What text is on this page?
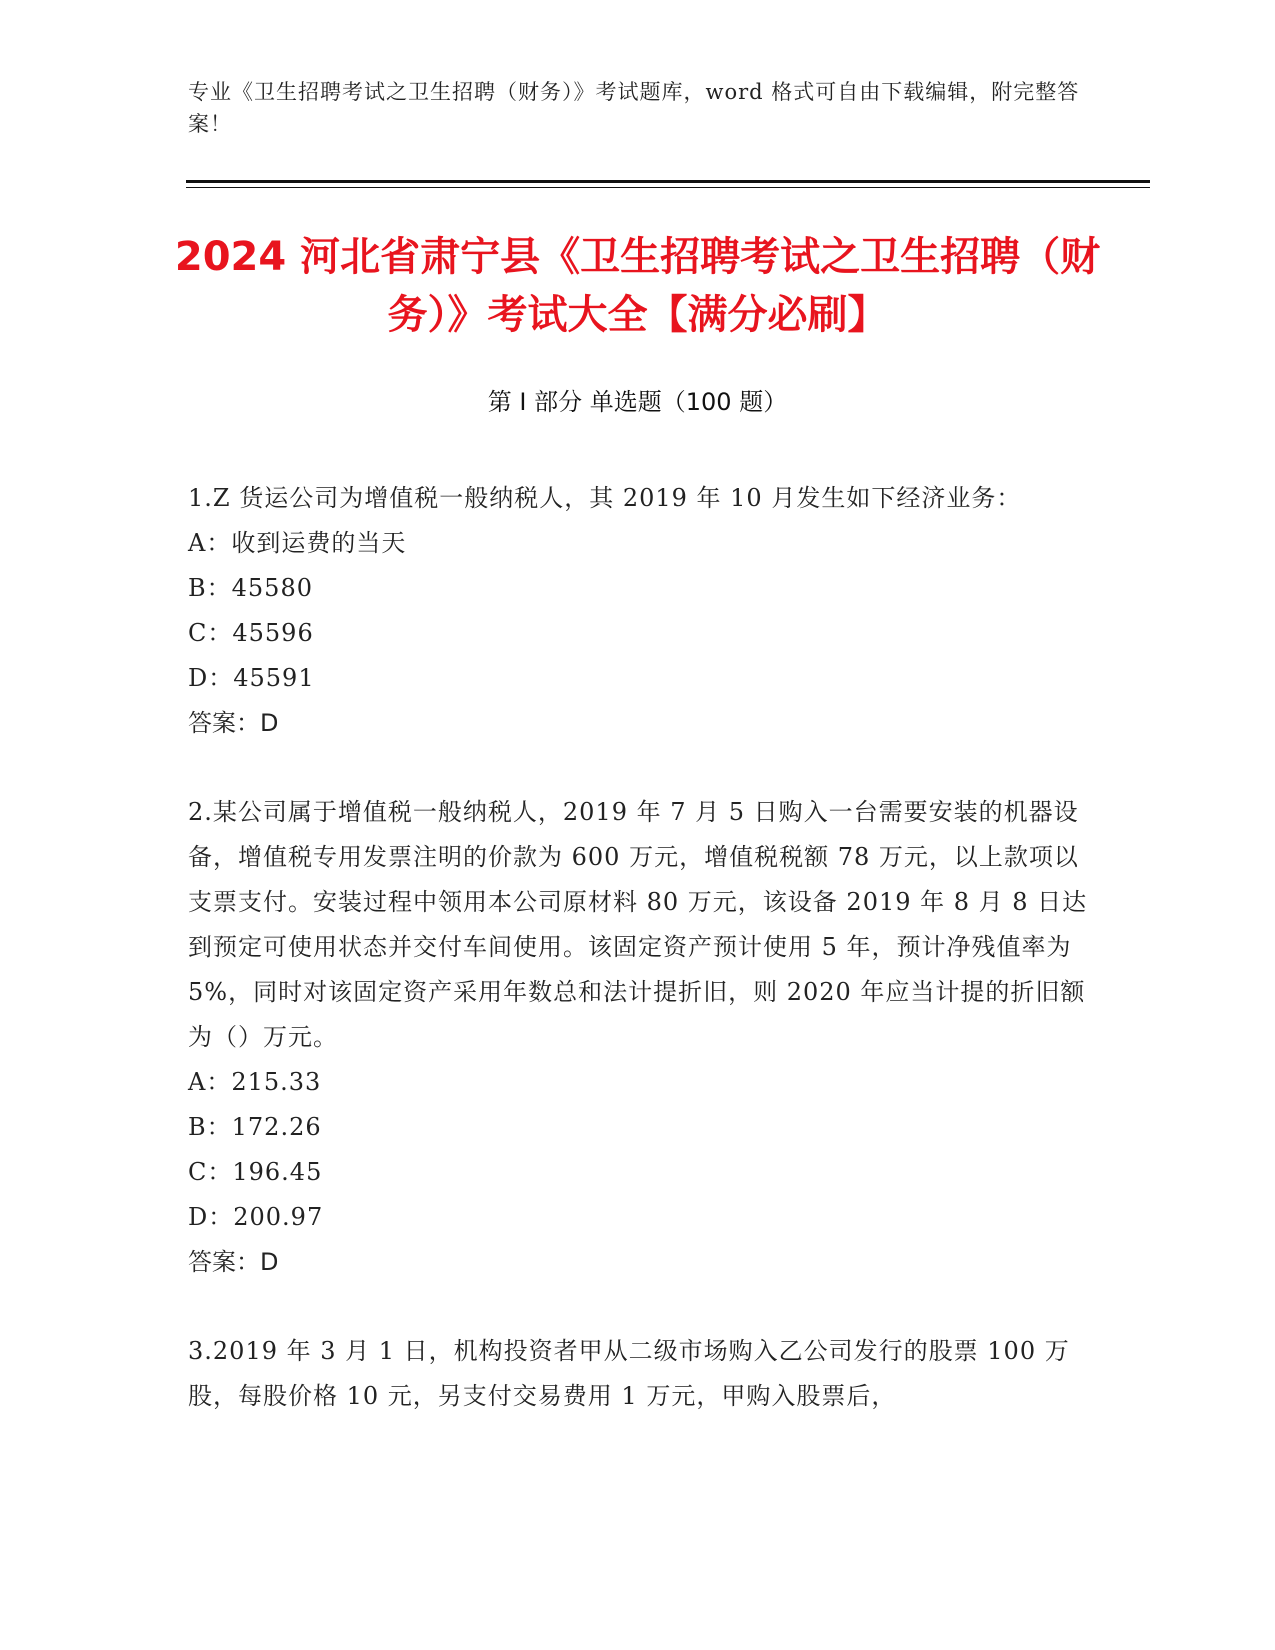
专业《卫生招聘考试之卫生招聘（财务）》考试题库，word 格式可自由下载编辑，附完整答案！
2024 河北省肃宁县《卫生招聘考试之卫生招聘（财务）》考试大全【满分必刷】
第 I 部分 单选题（100 题）

1.Z 货运公司为增值税一般纳税人，其 2019 年 10 月发生如下经济业务：

A：收到运费的当天

B：45580

C：45596

D：45591

答案：D

2.某公司属于增值税一般纳税人，2019 年 7 月 5 日购入一台需要安装的机器设备，增值税专用发票注明的价款为 600 万元，增值税税额 78 万元，以上款项以支票支付。安装过程中领用本公司原材料 80 万元，该设备 2019 年 8 月 8 日达到预定可使用状态并交付车间使用。该固定资产预计使用 5 年，预计净残值率为 5%，同时对该固定资产采用年数总和法计提折旧，则 2020 年应当计提的折旧额为（）万元。

A：215.33

B：172.26

C：196.45

D：200.97

答案：D

3.2019 年 3 月 1 日，机构投资者甲从二级市场购入乙公司发行的股票 100 万股，每股价格 10 元，另支付交易费用 1 万元，甲购入股票后，
